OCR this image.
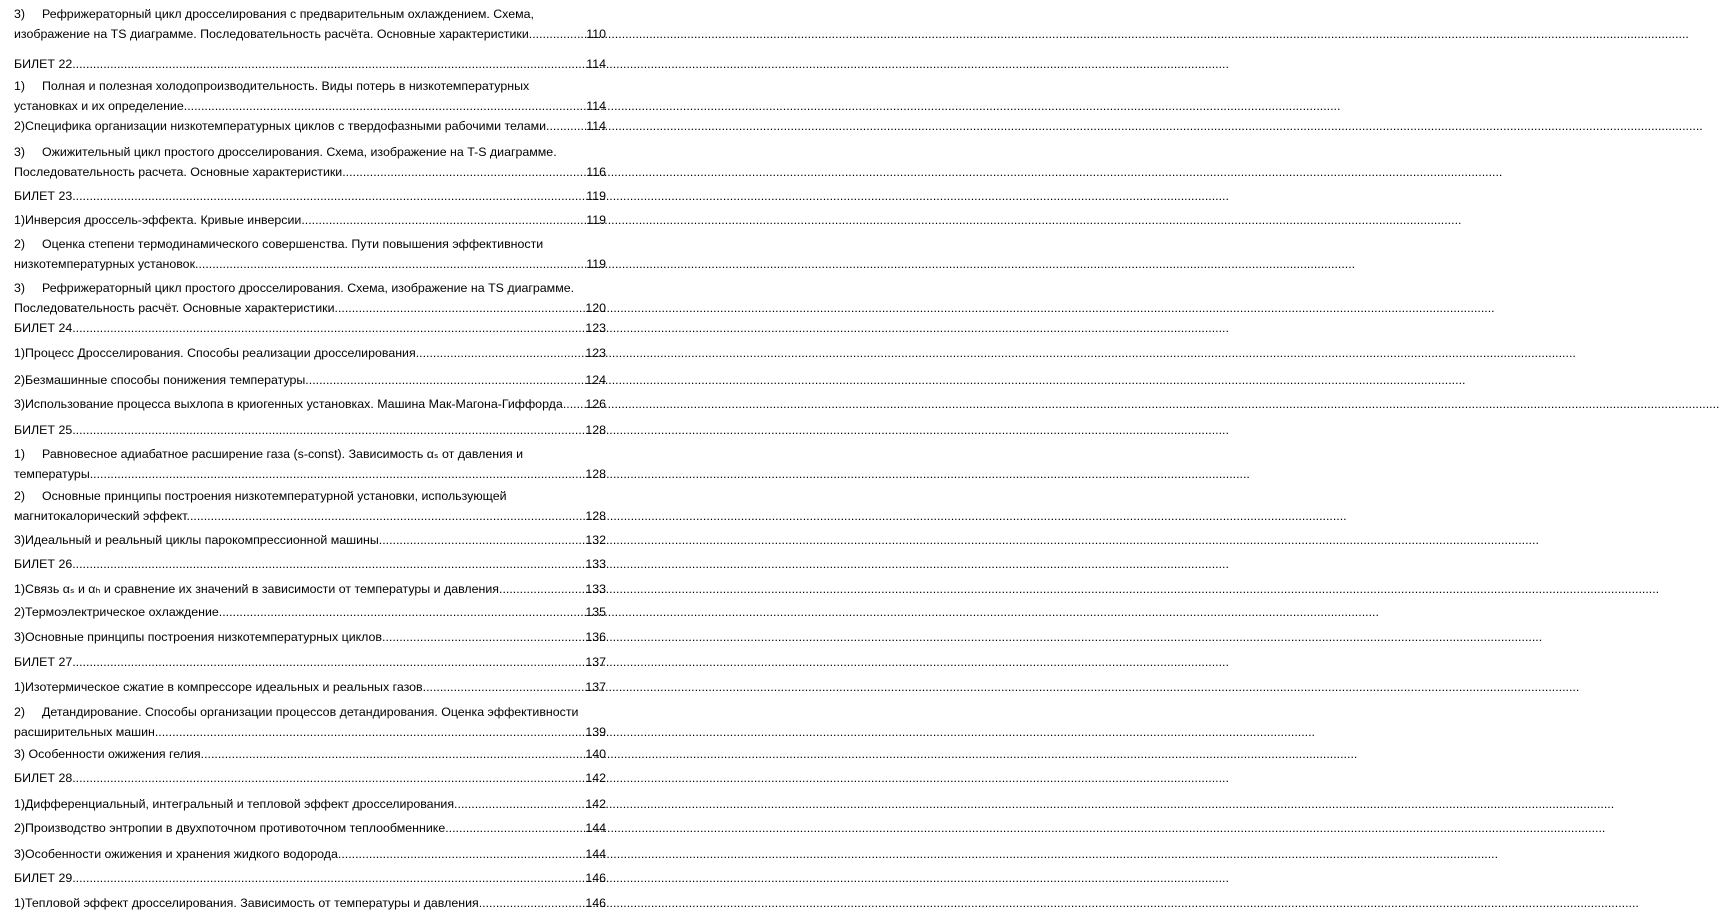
3) Рефрижераторный цикл дросселирования с предварительным охлаждением. Схема,
изображение на TS диаграмме. Последовательность расчёта. Основные характеристики. .....	110
БИЛЕТ 22 .....	114
1) Полная и полезная холодопроизводительность. Виды потерь в низкотемпературных
установках и их определение .....	114
2) Специфика организации низкотемпературных циклов с твердофазными рабочими телами .....	114
3) Ожижительный цикл простого дросселирования. Схема, изображение на T-S диаграмме.
Последовательность расчета. Основные характеристики. .....	116
БИЛЕТ 23 .....	119
1) Инверсия дроссель-эффекта. Кривые инверсии. .....	119
2) Оценка степени термодинамического совершенства. Пути повышения эффективности
низкотемпературных установок. .....	119
3) Рефрижераторный цикл простого дросселирования. Схема, изображение на TS диаграмме.
Последовательность расчёт. Основные характеристики. .....	120
БИЛЕТ 24 .....	123
1) Процесс Дросселирования. Способы реализации дросселирования. .....	123
2) Безмашинные способы понижения температуры. .....	124
3)Использование процесса выхлопа в криогенных установках. Машина Мак-Магона-Гиффорда ..... 126
БИЛЕТ 25 .....	128
1) Равновесное адиабатное расширение газа (s-const). Зависимость αₛ от давления и
температуры. .....	128
2) Основные принципы построения низкотемпературной установки, использующей
магнитокалорический эффект. .....	128
3) Идеальный и реальный циклы парокомпрессионной машины. .....	132
БИЛЕТ 26 .....	133
1) Связь αₛ и αₕ и сравнение их значений в зависимости от температуры и давления. .....	133
2) Термоэлектрическое охлаждение. .....	135
3) Основные принципы построения низкотемпературных циклов. .....	136
БИЛЕТ 27 .....	137
1) Изотермическое сжатие в компрессоре идеальных и реальных газов .....	137
2) Детандирование. Способы организации процессов детандирования. Оценка эффективности
расширительных машин. .....	139
3) Особенности ожижения гелия .....	140
БИЛЕТ 28 .....	142
1) Дифференциальный, интегральный и тепловой эффект дросселирования. .....	142
2) Производство энтропии в двухпоточном противоточном теплообменнике. .....	144
3) Особенности ожижения и хранения жидкого водорода. .....	144
БИЛЕТ 29 .....	146
1) Тепловой эффект дросселирования. Зависимость от температуры и давления. .....	146
